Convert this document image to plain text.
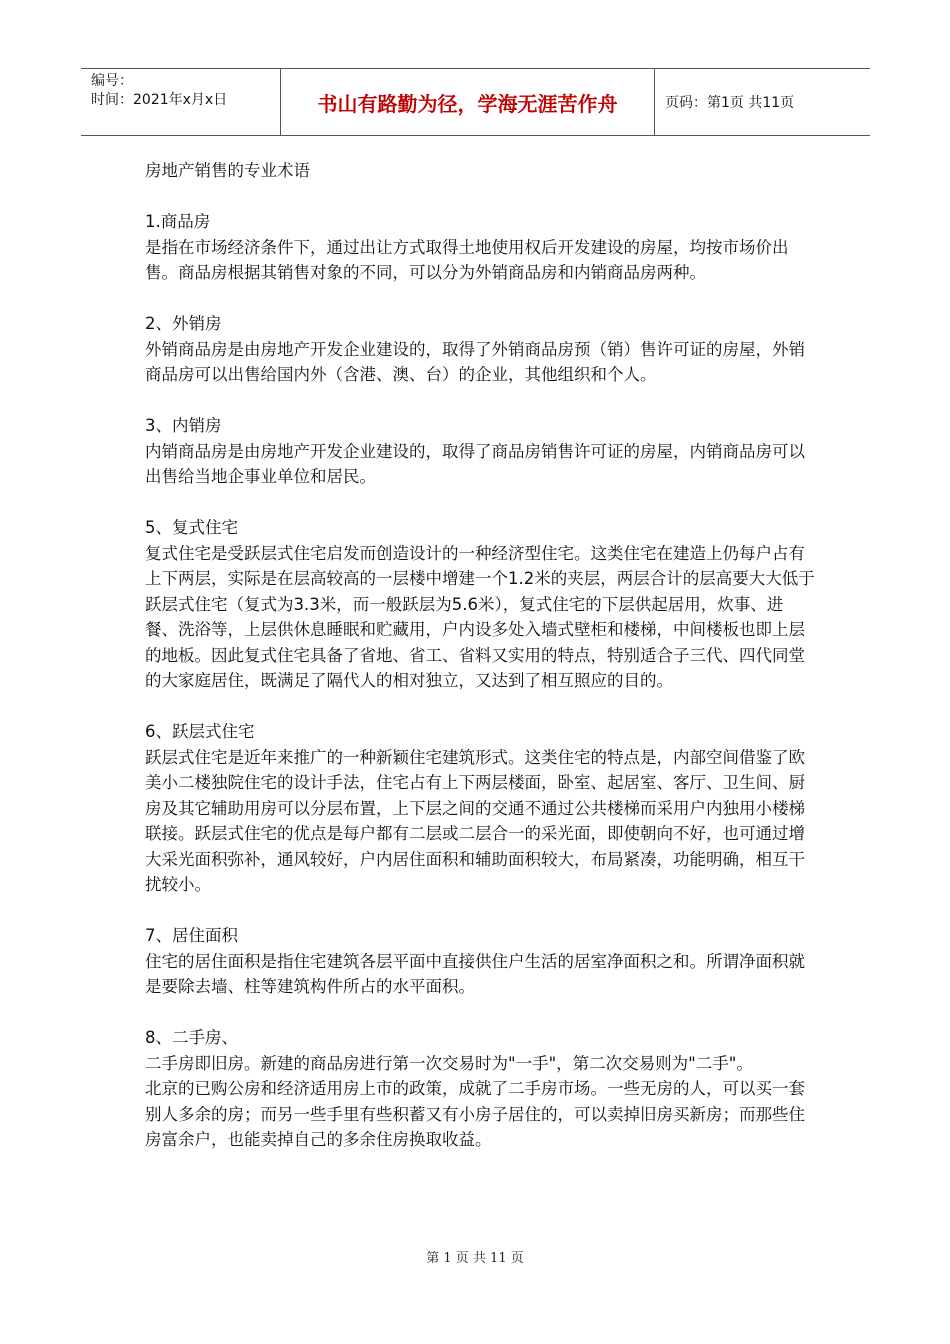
编号：
时间：2021年x月x日	书山有路勤为径，学海无涯苦作舟	页码：第1页 共11页

房地产销售的专业术语

1.商品房

是指在市场经济条件下，通过出让方式取得土地使用权后开发建设的房屋，均按市场价出售。商品房根据其销售对象的不同，可以分为外销商品房和内销商品房两种。

2、外销房

外销商品房是由房地产开发企业建设的，取得了外销商品房预（销）售许可证的房屋，外销商品房可以出售给国内外（含港、澳、台）的企业，其他组织和个人。

3、内销房

内销商品房是由房地产开发企业建设的，取得了商品房销售许可证的房屋，内销商品房可以出售给当地企事业单位和居民。

5、复式住宅

复式住宅是受跃层式住宅启发而创造设计的一种经济型住宅。这类住宅在建造上仍每户占有上下两层，实际是在层高较高的一层楼中增建一个1.2米的夹层，两层合计的层高要大大低于跃层式住宅（复式为3.3米，而一般跃层为5.6米），复式住宅的下层供起居用，炊事、进餐、洗浴等，上层供休息睡眠和贮藏用，户内设多处入墙式壁柜和楼梯，中间楼板也即上层的地板。因此复式住宅具备了省地、省工、省料又实用的特点，特别适合子三代、四代同堂的大家庭居住，既满足了隔代人的相对独立，又达到了相互照应的目的。

6、跃层式住宅

跃层式住宅是近年来推广的一种新颖住宅建筑形式。这类住宅的特点是，内部空间借鉴了欧美小二楼独院住宅的设计手法，住宅占有上下两层楼面，卧室、起居室、客厅、卫生间、厨房及其它辅助用房可以分层布置，上下层之间的交通不通过公共楼梯而采用户内独用小楼梯联接。跃层式住宅的优点是每户都有二层或二层合一的采光面，即使朝向不好，也可通过增大采光面积弥补，通风较好，户内居住面积和辅助面积较大，布局紧凑，功能明确，相互干扰较小。

7、居住面积

住宅的居住面积是指住宅建筑各层平面中直接供住户生活的居室净面积之和。所谓净面积就是要除去墙、柱等建筑构件所占的水平面积。

8、二手房、

二手房即旧房。新建的商品房进行第一次交易时为"一手"，第二次交易则为"二手"。

北京的已购公房和经济适用房上市的政策，成就了二手房市场。一些无房的人，可以买一套别人多余的房；而另一些手里有些积蓄又有小房子居住的，可以卖掉旧房买新房；而那些住房富余户，也能卖掉自己的多余住房换取收益。

第 1 页 共 11 页
